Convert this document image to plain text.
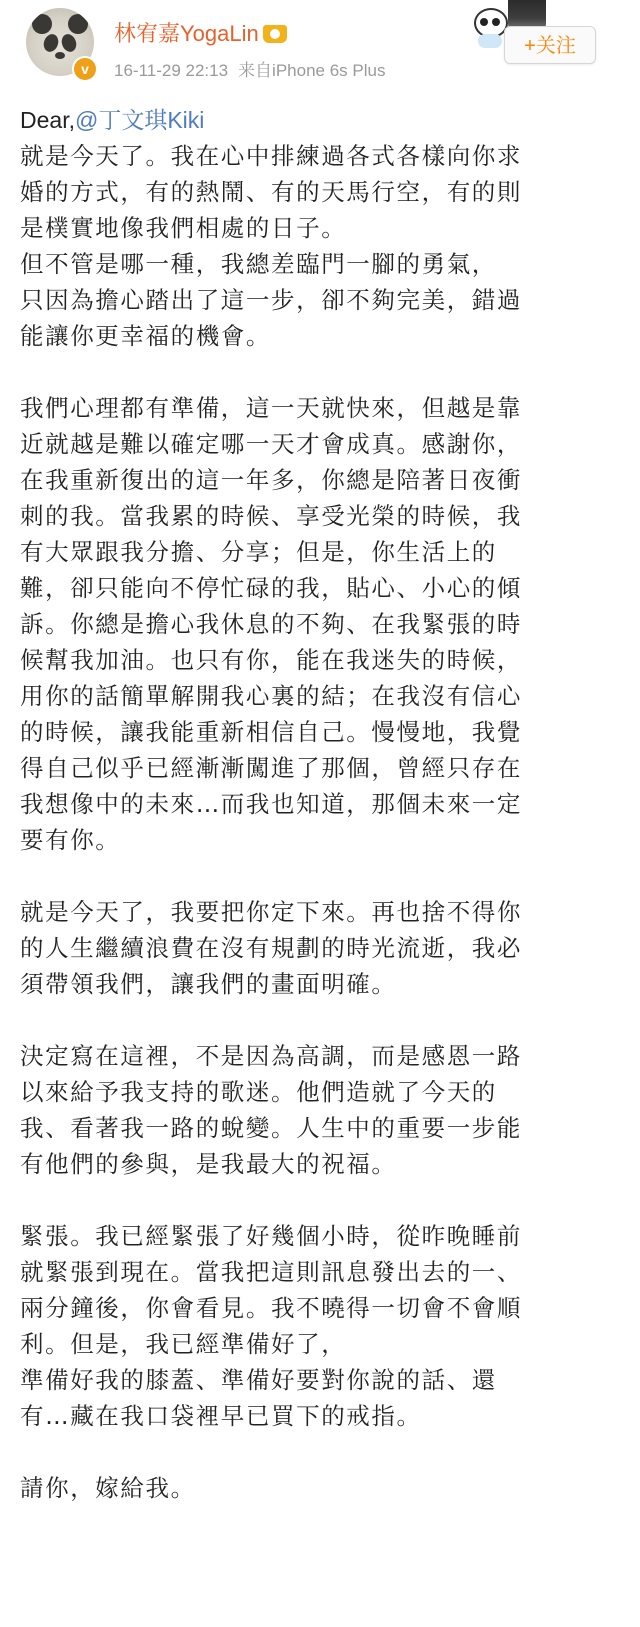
v
林宥嘉YogaLin
16-11-29 22:13 来自iPhone 6s Plus
+关注
Dear,@丁文琪Kiki

就是今天了。我在心中排練過各式各樣向你求
婚的方式，有的熱鬧、有的天馬行空，有的則
是樸實地像我們相處的日子。
但不管是哪一種，我總差臨門一腳的勇氣，
只因為擔心踏出了這一步，卻不夠完美，錯過
能讓你更幸福的機會。

我們心理都有準備，這一天就快來，但越是靠
近就越是難以確定哪一天才會成真。感謝你，
在我重新復出的這一年多，你總是陪著日夜衝
刺的我。當我累的時候、享受光榮的時候，我
有大眾跟我分擔、分享；但是，你生活上的
難，卻只能向不停忙碌的我，貼心、小心的傾
訴。你總是擔心我休息的不夠、在我緊張的時
候幫我加油。也只有你，能在我迷失的時候，
用你的話簡單解開我心裏的結；在我沒有信心
的時候，讓我能重新相信自己。慢慢地，我覺
得自己似乎已經漸漸闖進了那個，曾經只存在
我想像中的未來…而我也知道，那個未來一定
要有你。

就是今天了，我要把你定下來。再也捨不得你
的人生繼續浪費在沒有規劃的時光流逝，我必
須帶領我們，讓我們的畫面明確。

決定寫在這裡，不是因為高調，而是感恩一路
以來給予我支持的歌迷。他們造就了今天的
我、看著我一路的蛻變。人生中的重要一步能
有他們的參與，是我最大的祝福。

緊張。我已經緊張了好幾個小時，從昨晚睡前
就緊張到現在。當我把這則訊息發出去的一、
兩分鐘後，你會看見。我不曉得一切會不會順
利。但是，我已經準備好了，
準備好我的膝蓋、準備好要對你說的話、還
有…藏在我口袋裡早已買下的戒指。

請你，嫁給我。
